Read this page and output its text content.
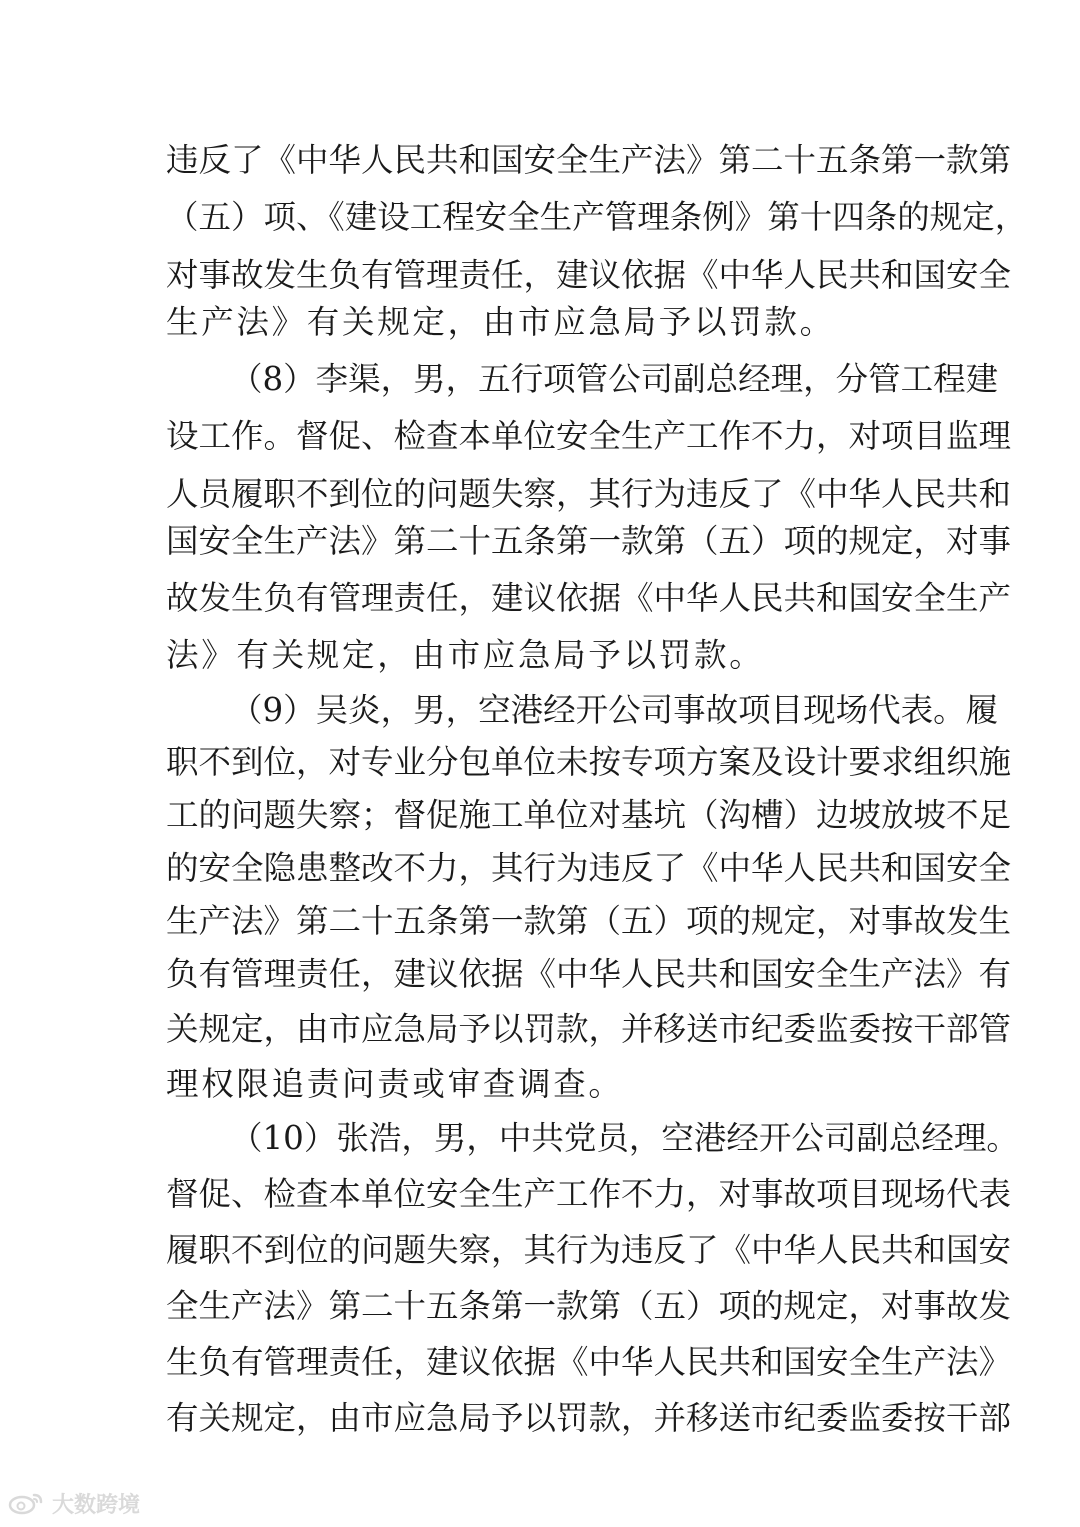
违反了《中华人民共和国安全生产法》第二十五条第一款第
（五）项、《建设工程安全生产管理条例》第十四条的规定，
对事故发生负有管理责任，建议依据《中华人民共和国安全
生产法》有关规定，由市应急局予以罚款。
（8）李渠，男，五行项管公司副总经理，分管工程建
设工作。督促、检查本单位安全生产工作不力，对项目监理
人员履职不到位的问题失察，其行为违反了《中华人民共和
国安全生产法》第二十五条第一款第（五）项的规定，对事
故发生负有管理责任，建议依据《中华人民共和国安全生产
法》有关规定，由市应急局予以罚款。
（9）吴炎，男，空港经开公司事故项目现场代表。履
职不到位，对专业分包单位未按专项方案及设计要求组织施
工的问题失察；督促施工单位对基坑（沟槽）边坡放坡不足
的安全隐患整改不力，其行为违反了《中华人民共和国安全
生产法》第二十五条第一款第（五）项的规定，对事故发生
负有管理责任，建议依据《中华人民共和国安全生产法》有
关规定，由市应急局予以罚款，并移送市纪委监委按干部管
理权限追责问责或审查调查。
（10）张浩，男，中共党员，空港经开公司副总经理。
督促、检查本单位安全生产工作不力，对事故项目现场代表
履职不到位的问题失察，其行为违反了《中华人民共和国安
全生产法》第二十五条第一款第（五）项的规定，对事故发
生负有管理责任，建议依据《中华人民共和国安全生产法》
有关规定，由市应急局予以罚款，并移送市纪委监委按干部
大数跨境
